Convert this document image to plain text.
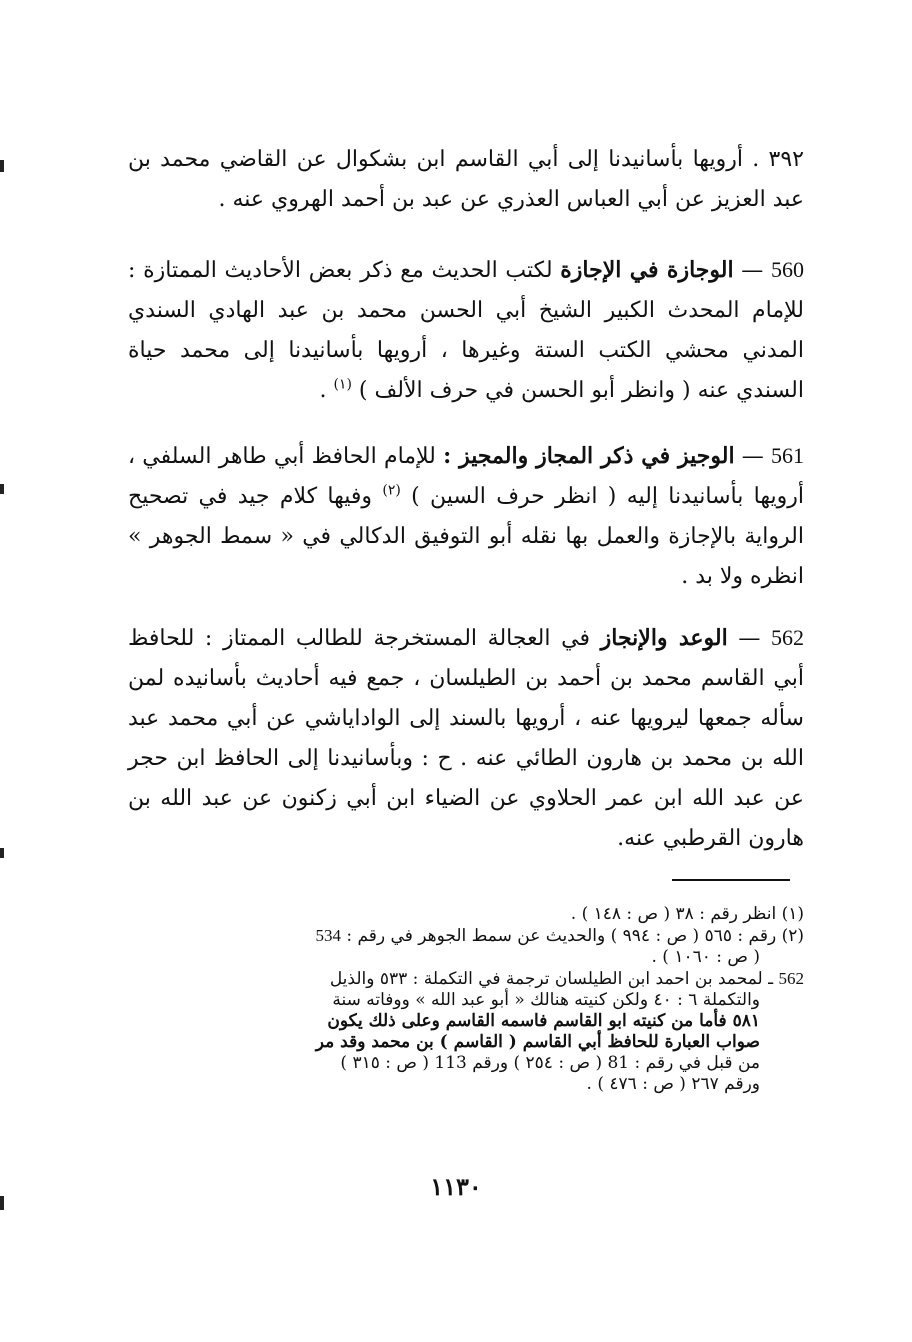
٣٩٢ . أرويها بأسانيدنا إلى أبي القاسم ابن بشكوال عن القاضي محمد بن عبد العزيز عن أبي العباس العذري عن عبد بن أحمد الهروي عنه .

560 — الوجازة في الإجازة لكتب الحديث مع ذكر بعض الأحاديث الممتازة : للإمام المحدث الكبير الشيخ أبي الحسن محمد بن عبد الهادي السندي المدني محشي الكتب الستة وغيرها ، أرويها بأسانيدنا إلى محمد حياة السندي عنه ( وانظر أبو الحسن في حرف الألف ) $^{(١)}$ .

561 — الوجيز في ذكر المجاز والمجيز : للإمام الحافظ أبي طاهر السلفي ، أرويها بأسانيدنا إليه ( انظر حرف السين ) $^{(٢)}$ وفيها كلام جيد في تصحيح الرواية بالإجازة والعمل بها نقله أبو التوفيق الدكالي في « سمط الجوهر » انظره ولا بد .

562 — الوعد والإنجاز في العجالة المستخرجة للطالب الممتاز : للحافظ أبي القاسم محمد بن أحمد بن الطيلسان ، جمع فيه أحاديث بأسانيده لمن سأله جمعها ليرويها عنه ، أرويها بالسند إلى الواداياشي عن أبي محمد عبد الله بن محمد بن هارون الطائي عنه . ح : وبأسانيدنا إلى الحافظ ابن حجر عن عبد الله ابن عمر الحلاوي عن الضياء ابن أبي زكنون عن عبد الله بن هارون القرطبي عنه.

(١) انظر رقم : ٣٨ ( ص : ١٤٨ ) .

(٢) رقم : ٥٦٥ ( ص : ٩٩٤ ) والحديث عن سمط الجوهر في رقم : 534

( ص : ١٠٦٠ ) .

562 ـ لمحمد بن احمد ابن الطيلسان ترجمة في التكملة : ٥٣٣ والذيل

والتكملة ٦ : ٤٠ ولكن كنيته هنالك « أبو عبد الله » ووفاته سنة

٥٨١ فأما من كنيته ابو القاسم فاسمه القاسم وعلى ذلك يكون

صواب العبارة للحافظ أبي القاسم ( القاسم ) بن محمد وقد مر

من قبل في رقم : 81 ( ص : ٢٥٤ ) ورقم 113 ( ص : ٣١٥ )

ورقم ٢٦٧ ( ص : ٤٧٦ ) .

١١٣٠
